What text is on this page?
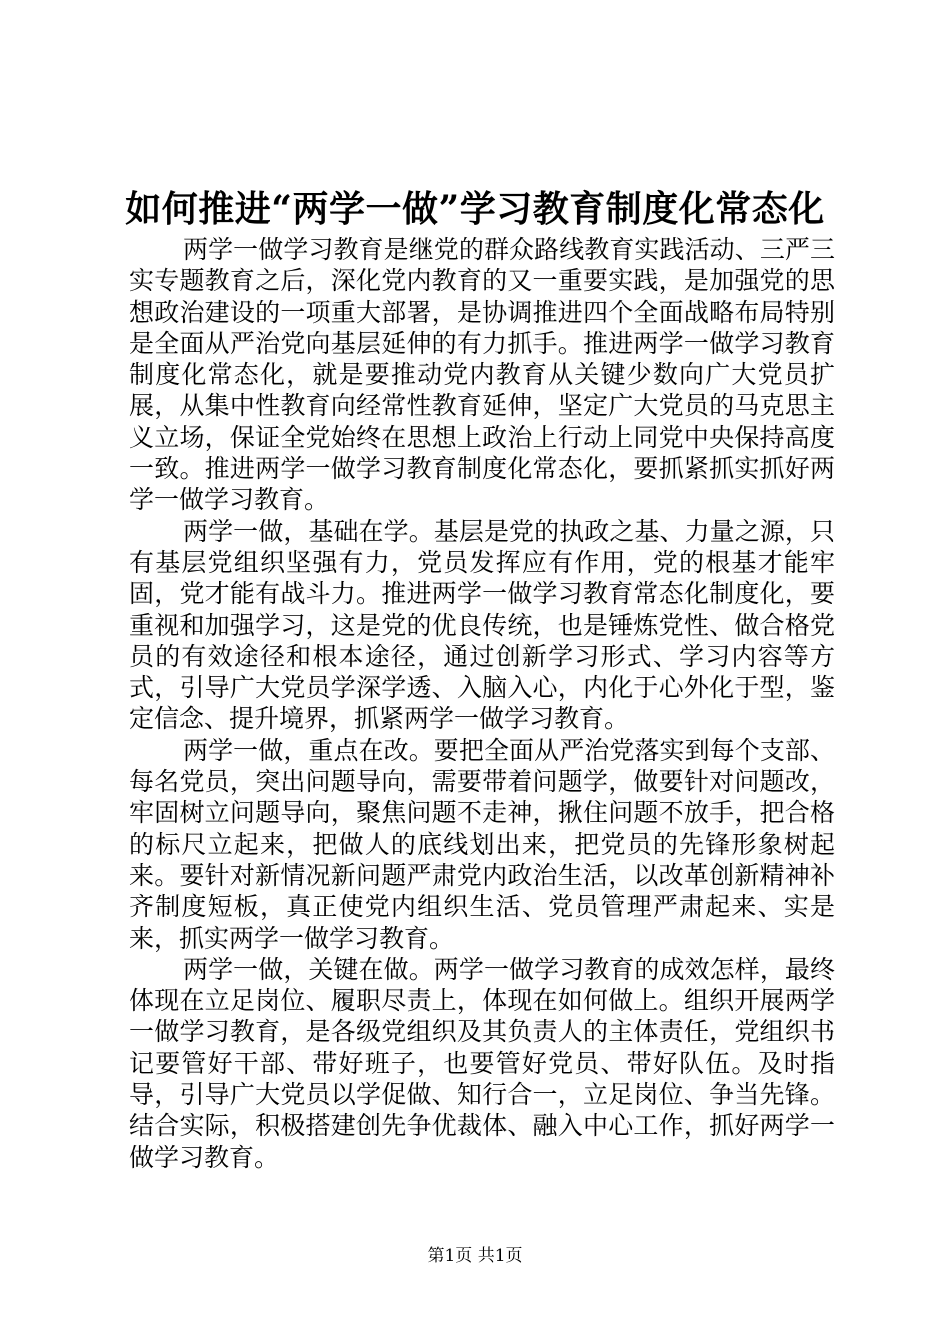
如何推进“两学一做”学习教育制度化常态化

两学一做学习教育是继党的群众路线教育实践活动、三严三实专题教育之后，深化党内教育的又一重要实践，是加强党的思想政治建设的一项重大部署，是协调推进四个全面战略布局特别是全面从严治党向基层延伸的有力抓手。推进两学一做学习教育制度化常态化，就是要推动党内教育从关键少数向广大党员扩展，从集中性教育向经常性教育延伸，坚定广大党员的马克思主义立场，保证全党始终在思想上政治上行动上同党中央保持高度一致。推进两学一做学习教育制度化常态化，要抓紧抓实抓好两学一做学习教育。

两学一做，基础在学。基层是党的执政之基、力量之源，只有基层党组织坚强有力，党员发挥应有作用，党的根基才能牢固，党才能有战斗力。推进两学一做学习教育常态化制度化，要重视和加强学习，这是党的优良传统，也是锤炼党性、做合格党员的有效途径和根本途径，通过创新学习形式、学习内容等方式，引导广大党员学深学透、入脑入心，内化于心外化于型，鉴定信念、提升境界，抓紧两学一做学习教育。

两学一做，重点在改。要把全面从严治党落实到每个支部、每名党员，突出问题导向，需要带着问题学，做要针对问题改，牢固树立问题导向，聚焦问题不走神，揪住问题不放手，把合格的标尺立起来，把做人的底线划出来，把党员的先锋形象树起来。要针对新情况新问题严肃党内政治生活，以改革创新精神补齐制度短板，真正使党内组织生活、党员管理严肃起来、实是来，抓实两学一做学习教育。

两学一做，关键在做。两学一做学习教育的成效怎样，最终体现在立足岗位、履职尽责上，体现在如何做上。组织开展两学一做学习教育，是各级党组织及其负责人的主体责任，党组织书记要管好干部、带好班子，也要管好党员、带好队伍。及时指导，引导广大党员以学促做、知行合一，立足岗位、争当先锋。结合实际，积极搭建创先争优裁体、融入中心工作，抓好两学一做学习教育。

第1页 共1页
